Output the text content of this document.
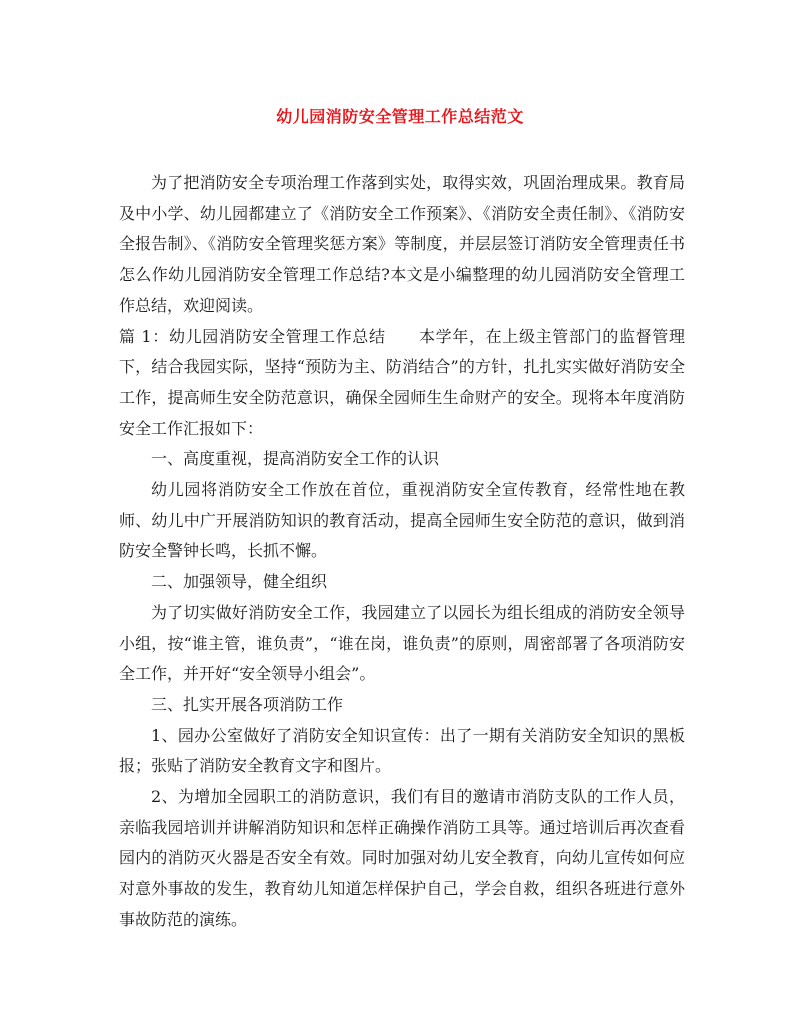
幼儿园消防安全管理工作总结范文

为了把消防安全专项治理工作落到实处，取得实效，巩固治理成果。教育局及中小学、幼儿园都建立了《消防安全工作预案》、《消防安全责任制》、《消防安全报告制》、《消防安全管理奖惩方案》等制度，并层层签订消防安全管理责任书怎么作幼儿园消防安全管理工作总结?本文是小编整理的幼儿园消防安全管理工作总结，欢迎阅读。

篇 1：幼儿园消防安全管理工作总结　　本学年，在上级主管部门的监督管理下，结合我园实际，坚持“预防为主、防消结合”的方针，扎扎实实做好消防安全工作，提高师生安全防范意识，确保全园师生生命财产的安全。现将本年度消防安全工作汇报如下：

一、高度重视，提高消防安全工作的认识

幼儿园将消防安全工作放在首位，重视消防安全宣传教育，经常性地在教师、幼儿中广开展消防知识的教育活动，提高全园师生安全防范的意识，做到消防安全警钟长鸣，长抓不懈。

二、加强领导，健全组织

为了切实做好消防安全工作，我园建立了以园长为组长组成的消防安全领导小组，按“谁主管，谁负责”，“谁在岗，谁负责”的原则，周密部署了各项消防安全工作，并开好“安全领导小组会”。

三、扎实开展各项消防工作

1、园办公室做好了消防安全知识宣传：出了一期有关消防安全知识的黑板报；张贴了消防安全教育文字和图片。

2、为增加全园职工的消防意识，我们有目的邀请市消防支队的工作人员，亲临我园培训并讲解消防知识和怎样正确操作消防工具等。通过培训后再次查看园内的消防灭火器是否安全有效。同时加强对幼儿安全教育，向幼儿宣传如何应对意外事故的发生，教育幼儿知道怎样保护自己，学会自救，组织各班进行意外事故防范的演练。
